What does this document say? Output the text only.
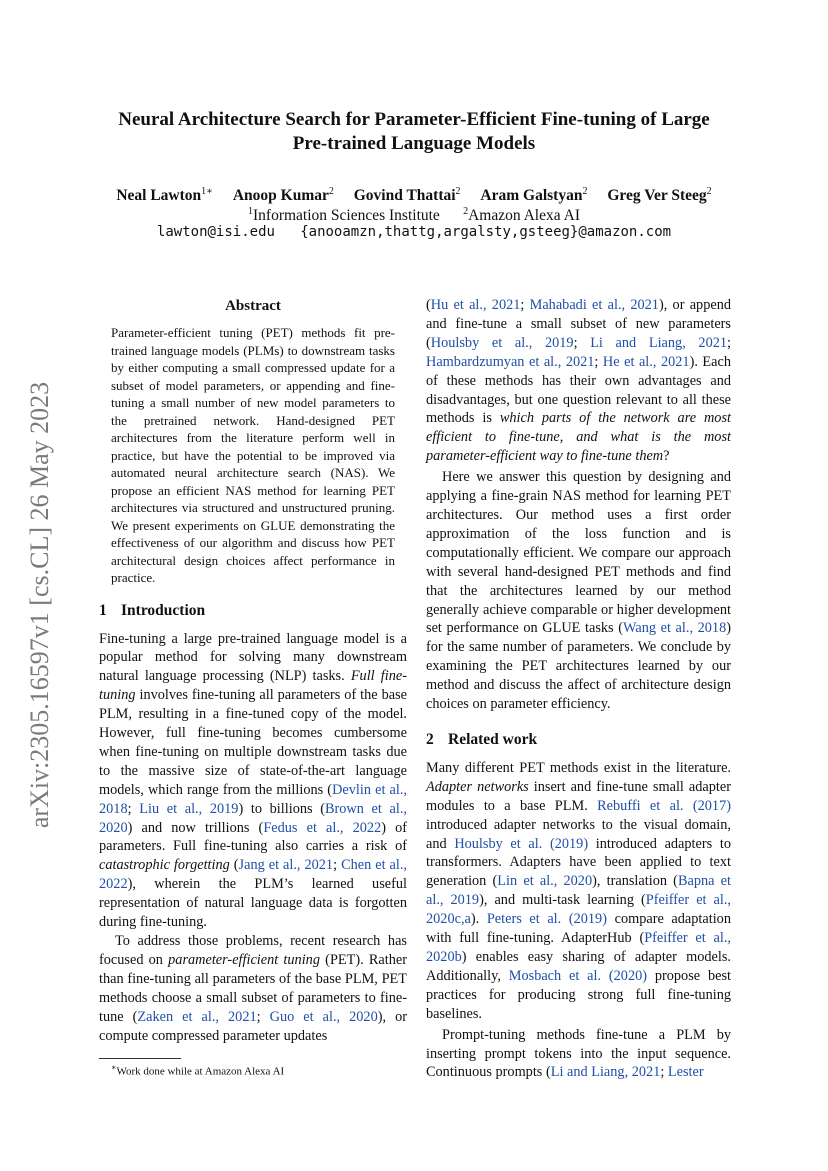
arXiv:2305.16597v1 [cs.CL] 26 May 2023
Neural Architecture Search for Parameter-Efficient Fine-tuning of Large
Pre-trained Language Models
Neal Lawton$^{1∗}$ Anoop Kumar$^2$ Govind Thattai$^2$ Aram Galstyan$^2$ Greg Ver Steeg$^2$
$^1$Information Sciences Institute $^2$Amazon Alexa AI
lawton@isi.edu   {anooamzn,thattg,argalsty,gsteeg}@amazon.com
Abstract

Parameter-efficient tuning (PET) methods fit pre-trained language models (PLMs) to downstream tasks by either computing a small compressed update for a subset of model parameters, or appending and fine-tuning a small number of new model parameters to the pretrained network. Hand-designed PET architectures from the literature perform well in practice, but have the potential to be improved via automated neural architecture search (NAS). We propose an efficient NAS method for learning PET architectures via structured and unstructured pruning. We present experiments on GLUE demonstrating the effectiveness of our algorithm and discuss how PET architectural design choices affect performance in practice.

1 Introduction

Fine-tuning a large pre-trained language model is a popular method for solving many downstream natural language processing (NLP) tasks. Full fine-tuning involves fine-tuning all parameters of the base PLM, resulting in a fine-tuned copy of the model. However, full fine-tuning becomes cumbersome when fine-tuning on multiple downstream tasks due to the massive size of state-of-the-art language models, which range from the millions (Devlin et al., 2018; Liu et al., 2019) to billions (Brown et al., 2020) and now trillions (Fedus et al., 2022) of parameters. Full fine-tuning also carries a risk of catastrophic forgetting (Jang et al., 2021; Chen et al., 2022), wherein the PLM’s learned useful representation of natural language data is forgotten during fine-tuning.

To address those problems, recent research has focused on parameter-efficient tuning (PET). Rather than fine-tuning all parameters of the base PLM, PET methods choose a small subset of parameters to fine-tune (Zaken et al., 2021; Guo et al., 2020), or compute compressed parameter updates

(Hu et al., 2021; Mahabadi et al., 2021), or append and fine-tune a small subset of new parameters (Houlsby et al., 2019; Li and Liang, 2021; Hambardzumyan et al., 2021; He et al., 2021). Each of these methods has their own advantages and disadvantages, but one question relevant to all these methods is which parts of the network are most efficient to fine-tune, and what is the most parameter-efficient way to fine-tune them?

Here we answer this question by designing and applying a fine-grain NAS method for learning PET architectures. Our method uses a first order approximation of the loss function and is computationally efficient. We compare our approach with several hand-designed PET methods and find that the architectures learned by our method generally achieve comparable or higher development set performance on GLUE tasks (Wang et al., 2018) for the same number of parameters. We conclude by examining the PET architectures learned by our method and discuss the affect of architecture design choices on parameter efficiency.

2 Related work

Many different PET methods exist in the literature. Adapter networks insert and fine-tune small adapter modules to a base PLM. Rebuffi et al. (2017) introduced adapter networks to the visual domain, and Houlsby et al. (2019) introduced adapters to transformers. Adapters have been applied to text generation (Lin et al., 2020), translation (Bapna et al., 2019), and multi-task learning (Pfeiffer et al., 2020c,a). Peters et al. (2019) compare adaptation with full fine-tuning. AdapterHub (Pfeiffer et al., 2020b) enables easy sharing of adapter models. Additionally, Mosbach et al. (2020) propose best practices for producing strong full fine-tuning baselines.

Prompt-tuning methods fine-tune a PLM by inserting prompt tokens into the input sequence. Continuous prompts (Li and Liang, 2021; Lester

∗Work done while at Amazon Alexa AI
